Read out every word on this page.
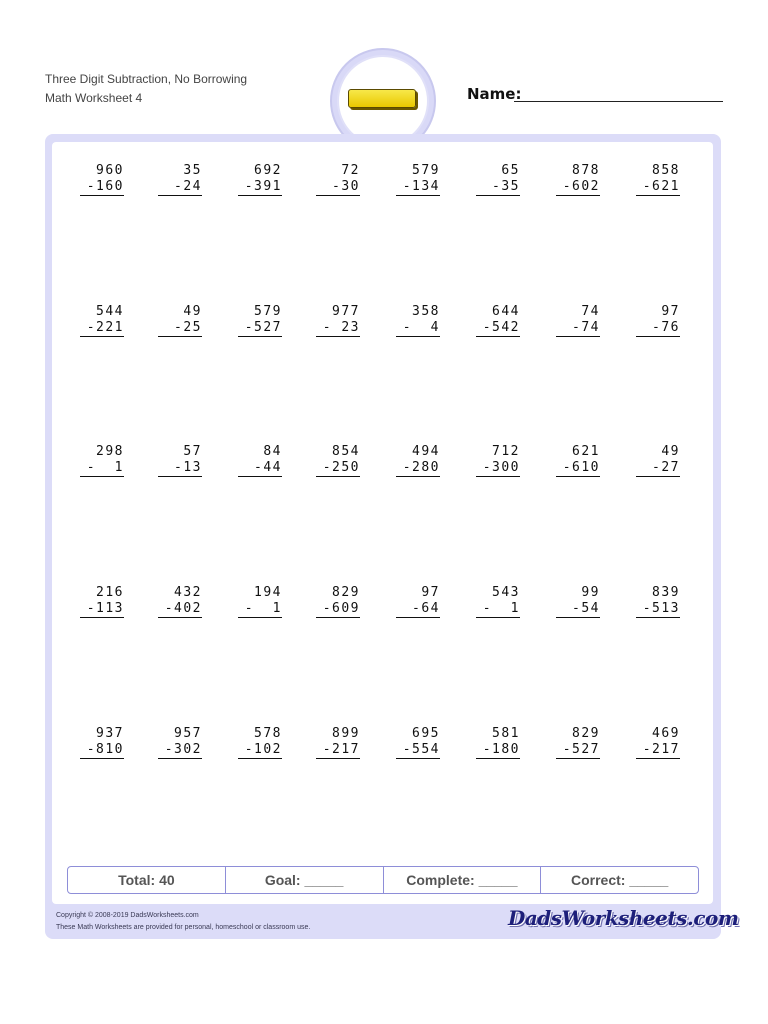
Three Digit Subtraction, No Borrowing
Math Worksheet 4	Name:
960
-160
35
-24
692
-391
72
-30
579
-134
65
-35
878
-602
858
-621
544
-221
49
-25
579
-527
977
- 23
358
-  4
644
-542
74
-74
97
-76
298
-  1
57
-13
84
-44
854
-250
494
-280
712
-300
621
-610
49
-27
216
-113
432
-402
194
-  1
829
-609
97
-64
543
-  1
99
-54
839
-513
937
-810
957
-302
578
-102
899
-217
695
-554
581
-180
829
-527
469
-217
Total: 40	Goal: _____	Complete: _____	Correct: _____
Copyright © 2008-2019 DadsWorksheets.com
These Math Worksheets are provided for personal, homeschool or classroom use.	DadsWorksheets.com
